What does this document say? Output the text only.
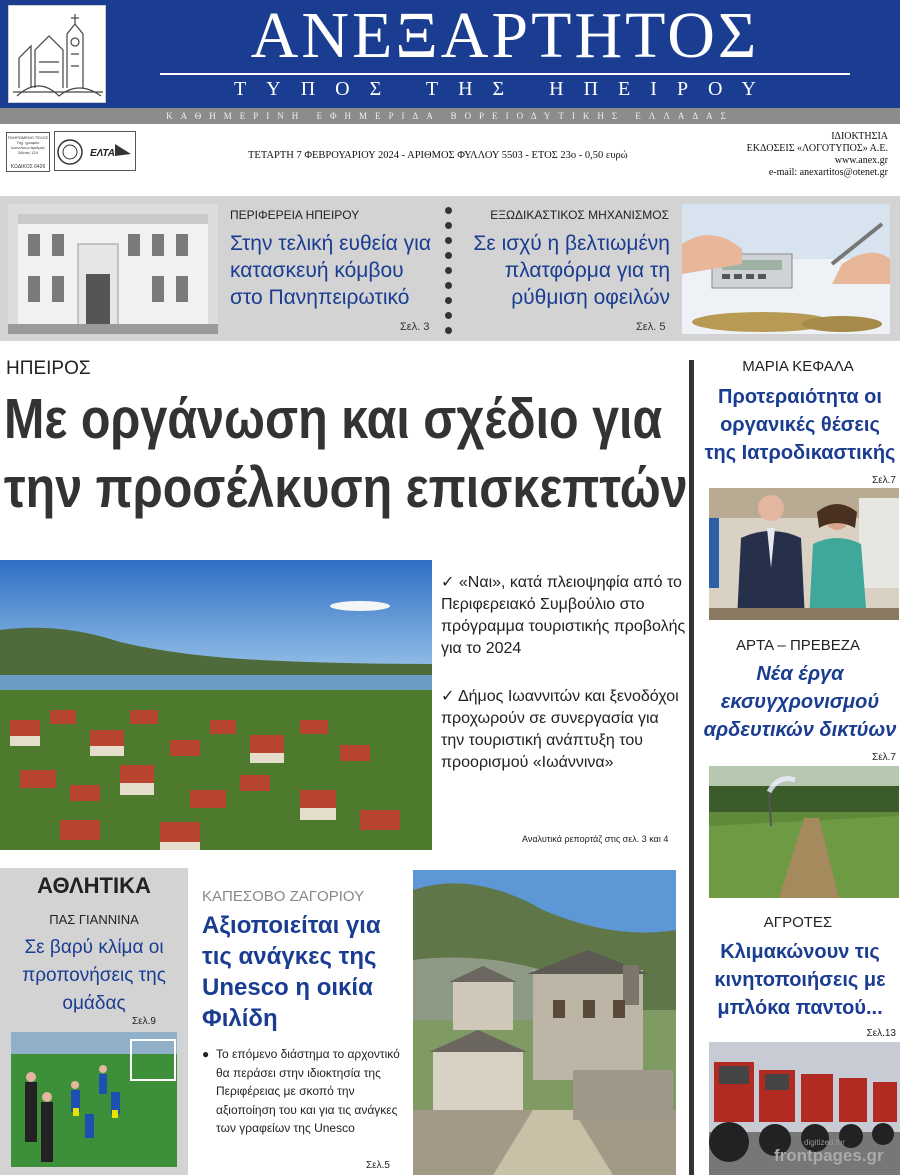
ΑΝΕΞΑΡΤΗΤΟΣ
ΤΥΠΟΣ ΤΗΣ ΗΠΕΙΡΟΥ
ΚΑΘΗΜΕΡΙΝΗ ΕΦΗΜΕΡΙΔΑ ΒΟΡΕΙΟΔΥΤΙΚΗΣ ΕΛΛΑΔΑΣ
ΠΛΗΡΩΜΕΝΟ ΤΕΛΟΣ Ταχ. γραφείο Ιωαννίνων Αριθμός Άδειας 124
ΚΩΔΙΚΟΣ 6426
ΕΛΤΑ	ΤΕΤΑΡΤΗ 7 ΦΕΒΡΟΥΑΡΙΟΥ 2024 - ΑΡΙΘΜΟΣ ΦΥΛΛΟΥ 5503 - ΕΤΟΣ 23ο - 0,50 ευρώ
ΙΔΙΟΚΤΗΣΙΑ
ΕΚΔΟΣΕΙΣ «ΛΟΓΟΤΥΠΟΣ» Α.Ε.
www.anex.gr
e-mail: anexartitos@otenet.gr
ΠΕΡΙΦΕΡΕΙΑ ΗΠΕΙΡΟΥ
Στην τελική ευθεία για κατασκευή κόμβου στο Πανηπειρωτικό
Σελ. 3
ΕΞΩΔΙΚΑΣΤΙΚΟΣ ΜΗΧΑΝΙΣΜΟΣ
Σε ισχύ η βελτιωμένη πλατφόρμα για τη ρύθμιση οφειλών
Σελ. 5
ΗΠΕΙΡΟΣ
Με οργάνωση και σχέδιο για
την προσέλκυση επισκεπτών
✓ «Ναι», κατά πλειοψηφία από το Περιφερειακό Συμβούλιο στο πρόγραμμα τουριστικής προβολής για το 2024
✓ Δήμος Ιωαννιτών και ξενοδόχοι προχωρούν σε συνεργασία για την τουριστική ανάπτυξη του προορισμού «Ιωάννινα»
Αναλυτικά ρεπορτάζ στις σελ. 3 και 4
ΜΑΡΙΑ ΚΕΦΑΛΑ
Προτεραιότητα οι οργανικές θέσεις της Ιατροδικαστικής
Σελ.7
ΑΡΤΑ – ΠΡΕΒΕΖΑ
Νέα έργα εκσυγχρονισμού αρδευτικών δικτύων
Σελ.7
ΑΓΡΟΤΕΣ
Κλιμακώνουν τις κινητοποιήσεις με μπλόκα παντού...
Σελ.13
ΑΘΛΗΤΙΚΑ
ΠΑΣ ΓΙΑΝΝΙΝΑ
Σε βαρύ κλίμα οι προπονήσεις της ομάδας
Σελ.9
ΚΑΠΕΣΟΒΟ ΖΑΓΟΡΙΟΥ
Αξιοποιείται για τις ανάγκες της Unesco η οικία Φιλίδη
● Το επόμενο διάστημα το αρχοντικό θα περάσει στην ιδιοκτησία της Περιφέρειας με σκοπό την αξιοποίηση του και για τις ανάγκες των γραφείων της Unesco
Σελ.5
digitized for
frontpages.gr
